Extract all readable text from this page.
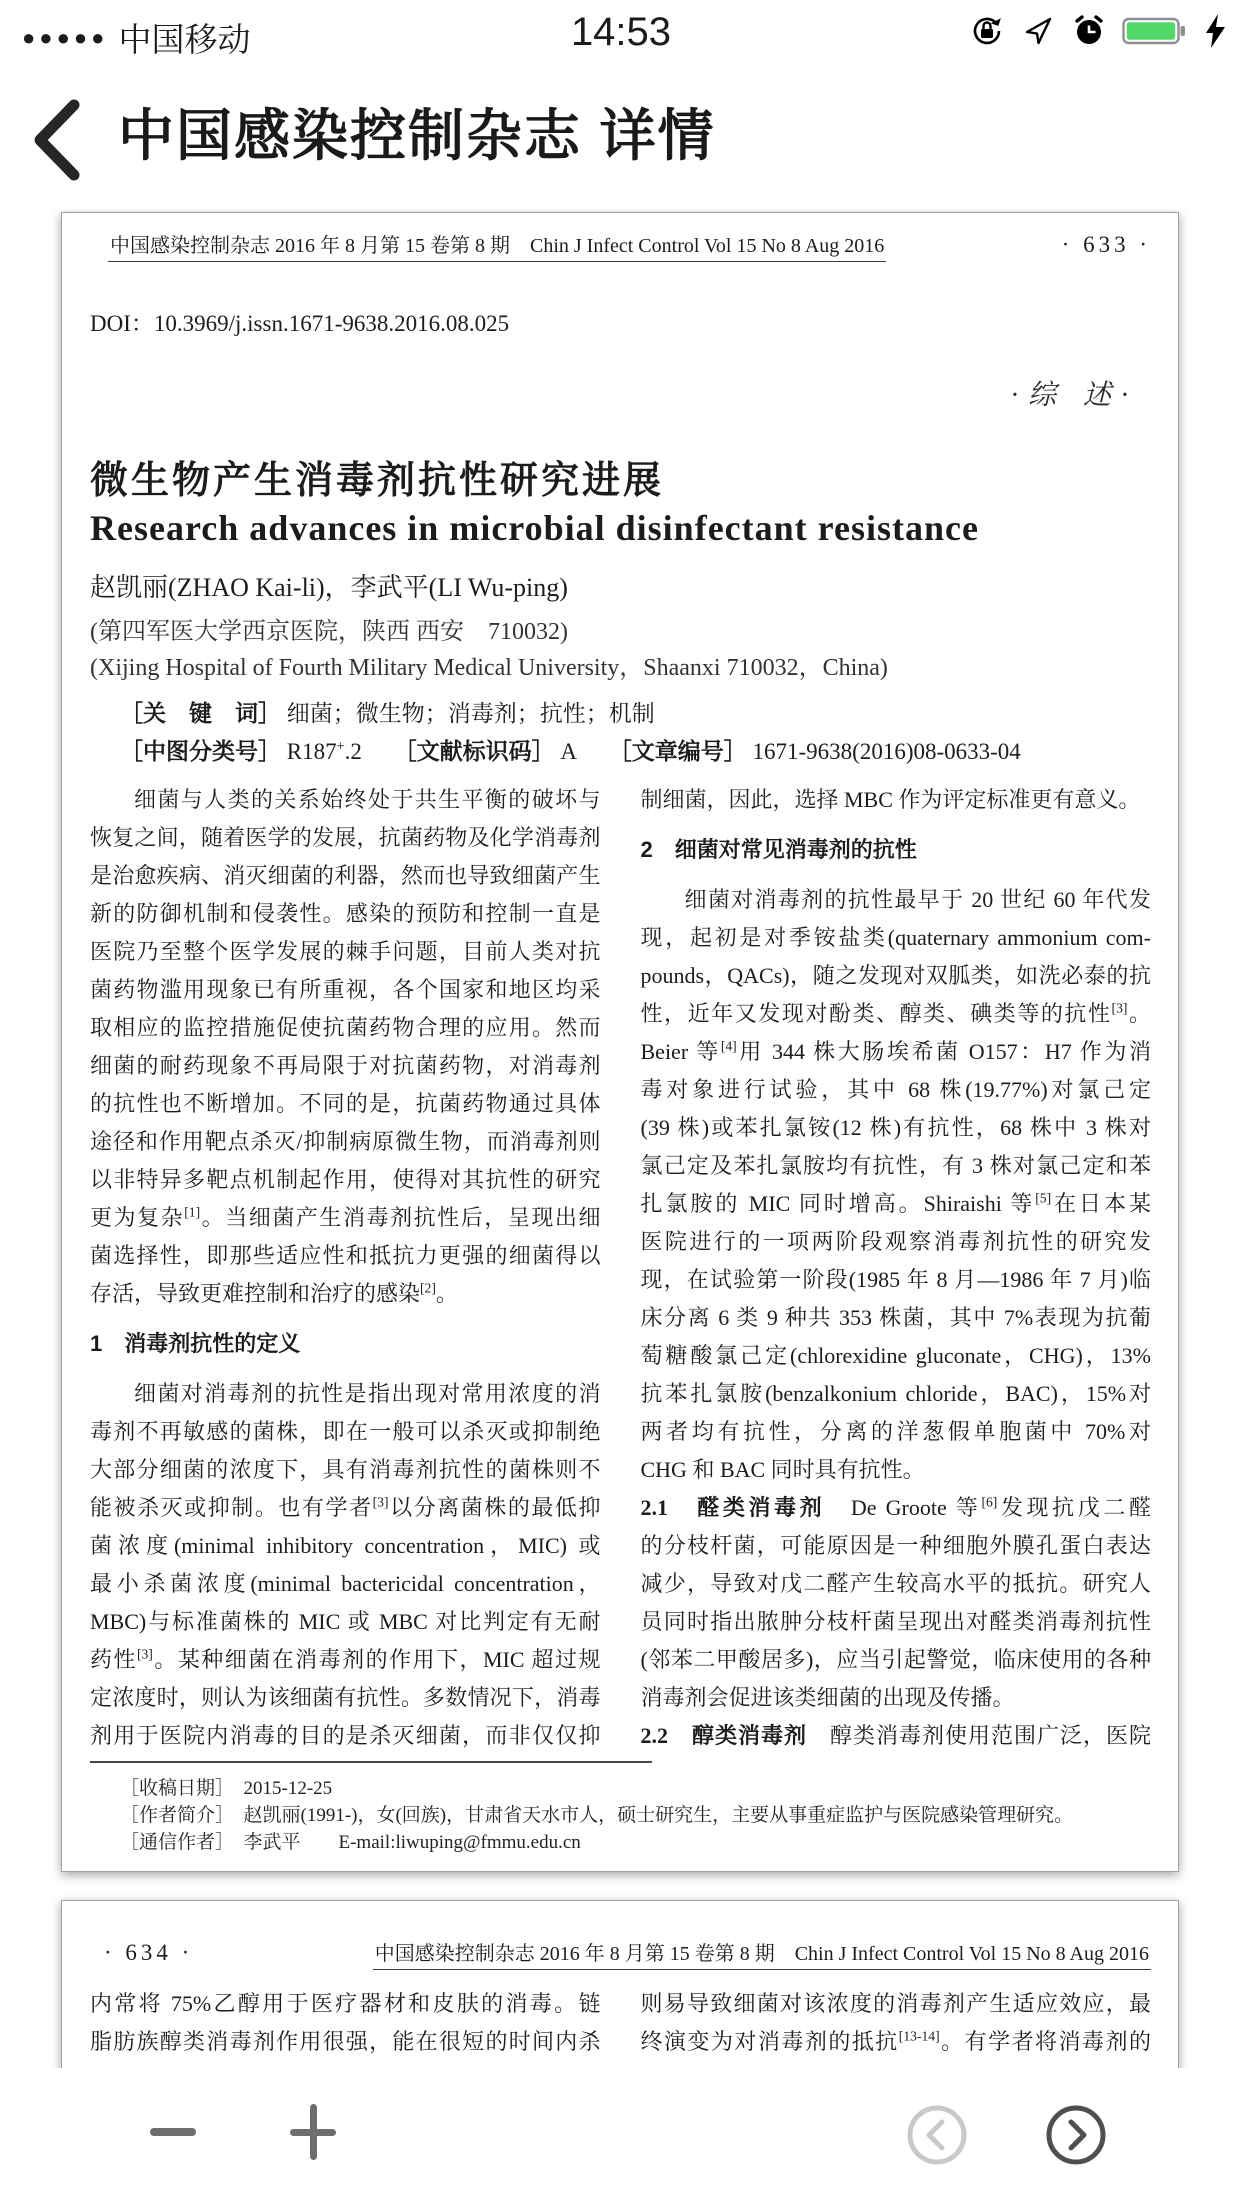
●●●●● 中国移动	14:53
中国感染控制杂志 详情
中国感染控制杂志 2016 年 8 月第 15 卷第 8 期　Chin J Infect Control Vol 15 No 8 Aug 2016	· 633 ·
DOI：10.3969/j.issn.1671-9638.2016.08.025
·综 述·
微生物产生消毒剂抗性研究进展
Research advances in microbial disinfectant resistance
赵凯丽(ZHAO Kai-li)，李武平(LI Wu-ping)
(第四军医大学西京医院，陕西 西安　710032)
(Xijing Hospital of Fourth Military Medical University，Shaanxi 710032，China)
［关　键　词］ 细菌；微生物；消毒剂；抗性；机制
［中图分类号］ R187+.2 ［文献标识码］ A ［文章编号］ 1671-9638(2016)08-0633-04
细菌与人类的关系始终处于共生平衡的破坏与
恢复之间，随着医学的发展，抗菌药物及化学消毒剂
是治愈疾病、消灭细菌的利器，然而也导致细菌产生
新的防御机制和侵袭性。感染的预防和控制一直是
医院乃至整个医学发展的棘手问题，目前人类对抗
菌药物滥用现象已有所重视，各个国家和地区均采
取相应的监控措施促使抗菌药物合理的应用。然而
细菌的耐药现象不再局限于对抗菌药物，对消毒剂
的抗性也不断增加。不同的是，抗菌药物通过具体
途径和作用靶点杀灭/抑制病原微生物，而消毒剂则
以非特异多靶点机制起作用，使得对其抗性的研究
更为复杂[1]。当细菌产生消毒剂抗性后，呈现出细
菌选择性，即那些适应性和抵抗力更强的细菌得以
存活，导致更难控制和治疗的感染[2]。
1　消毒剂抗性的定义
细菌对消毒剂的抗性是指出现对常用浓度的消
毒剂不再敏感的菌株，即在一般可以杀灭或抑制绝
大部分细菌的浓度下，具有消毒剂抗性的菌株则不
能被杀灭或抑制。也有学者[3]以分离菌株的最低抑
菌浓度(minimal inhibitory concentration，MIC) 或
最小杀菌浓度(minimal bactericidal concentration，
MBC)与标准菌株的 MIC 或 MBC 对比判定有无耐
药性[3]。某种细菌在消毒剂的作用下，MIC 超过规
定浓度时，则认为该细菌有抗性。多数情况下，消毒
剂用于医院内消毒的目的是杀灭细菌，而非仅仅抑
制细菌，因此，选择 MBC 作为评定标准更有意义。
2　细菌对常见消毒剂的抗性
细菌对消毒剂的抗性最早于 20 世纪 60 年代发
现，起初是对季铵盐类(quaternary ammonium com-
pounds，QACs)，随之发现对双胍类，如洗必泰的抗
性，近年又发现对酚类、醇类、碘类等的抗性[3]。
Beier 等[4]用 344 株大肠埃希菌 O157：H7 作为消
毒对象进行试验，其中 68 株(19.77%)对氯己定
(39 株)或苯扎氯铵(12 株)有抗性，68 株中 3 株对
氯己定及苯扎氯胺均有抗性，有 3 株对氯己定和苯
扎氯胺的 MIC 同时增高。Shiraishi 等[5]在日本某
医院进行的一项两阶段观察消毒剂抗性的研究发
现，在试验第一阶段(1985 年 8 月—1986 年 7 月)临
床分离 6 类 9 种共 353 株菌，其中 7%表现为抗葡
萄糖酸氯己定(chlorexidine gluconate，CHG)，13%
抗苯扎氯胺(benzalkonium chloride，BAC)，15%对
两者均有抗性，分离的洋葱假单胞菌中 70%对
CHG 和 BAC 同时具有抗性。
2.1　醛类消毒剂　De Groote 等[6]发现抗戊二醛
的分枝杆菌，可能原因是一种细胞外膜孔蛋白表达
减少，导致对戊二醛产生较高水平的抵抗。研究人
员同时指出脓肿分枝杆菌呈现出对醛类消毒剂抗性
(邻苯二甲酸居多)，应当引起警觉，临床使用的各种
消毒剂会促进该类细菌的出现及传播。
2.2　醇类消毒剂　醇类消毒剂使用范围广泛，医院
［收稿日期］　2015-12-25
［作者简介］　赵凯丽(1991-)，女(回族)，甘肃省天水市人，硕士研究生，主要从事重症监护与医院感染管理研究。
［通信作者］　李武平　　E-mail:liwuping@fmmu.edu.cn
· 634 ·	中国感染控制杂志 2016 年 8 月第 15 卷第 8 期　Chin J Infect Control Vol 15 No 8 Aug 2016
内常将 75%乙醇用于医疗器材和皮肤的消毒。链
脂肪族醇类消毒剂作用很强，能在很短的时间内杀
则易导致细菌对该浓度的消毒剂产生适应效应，最
终演变为对消毒剂的抵抗[13-14]。有学者将消毒剂的
